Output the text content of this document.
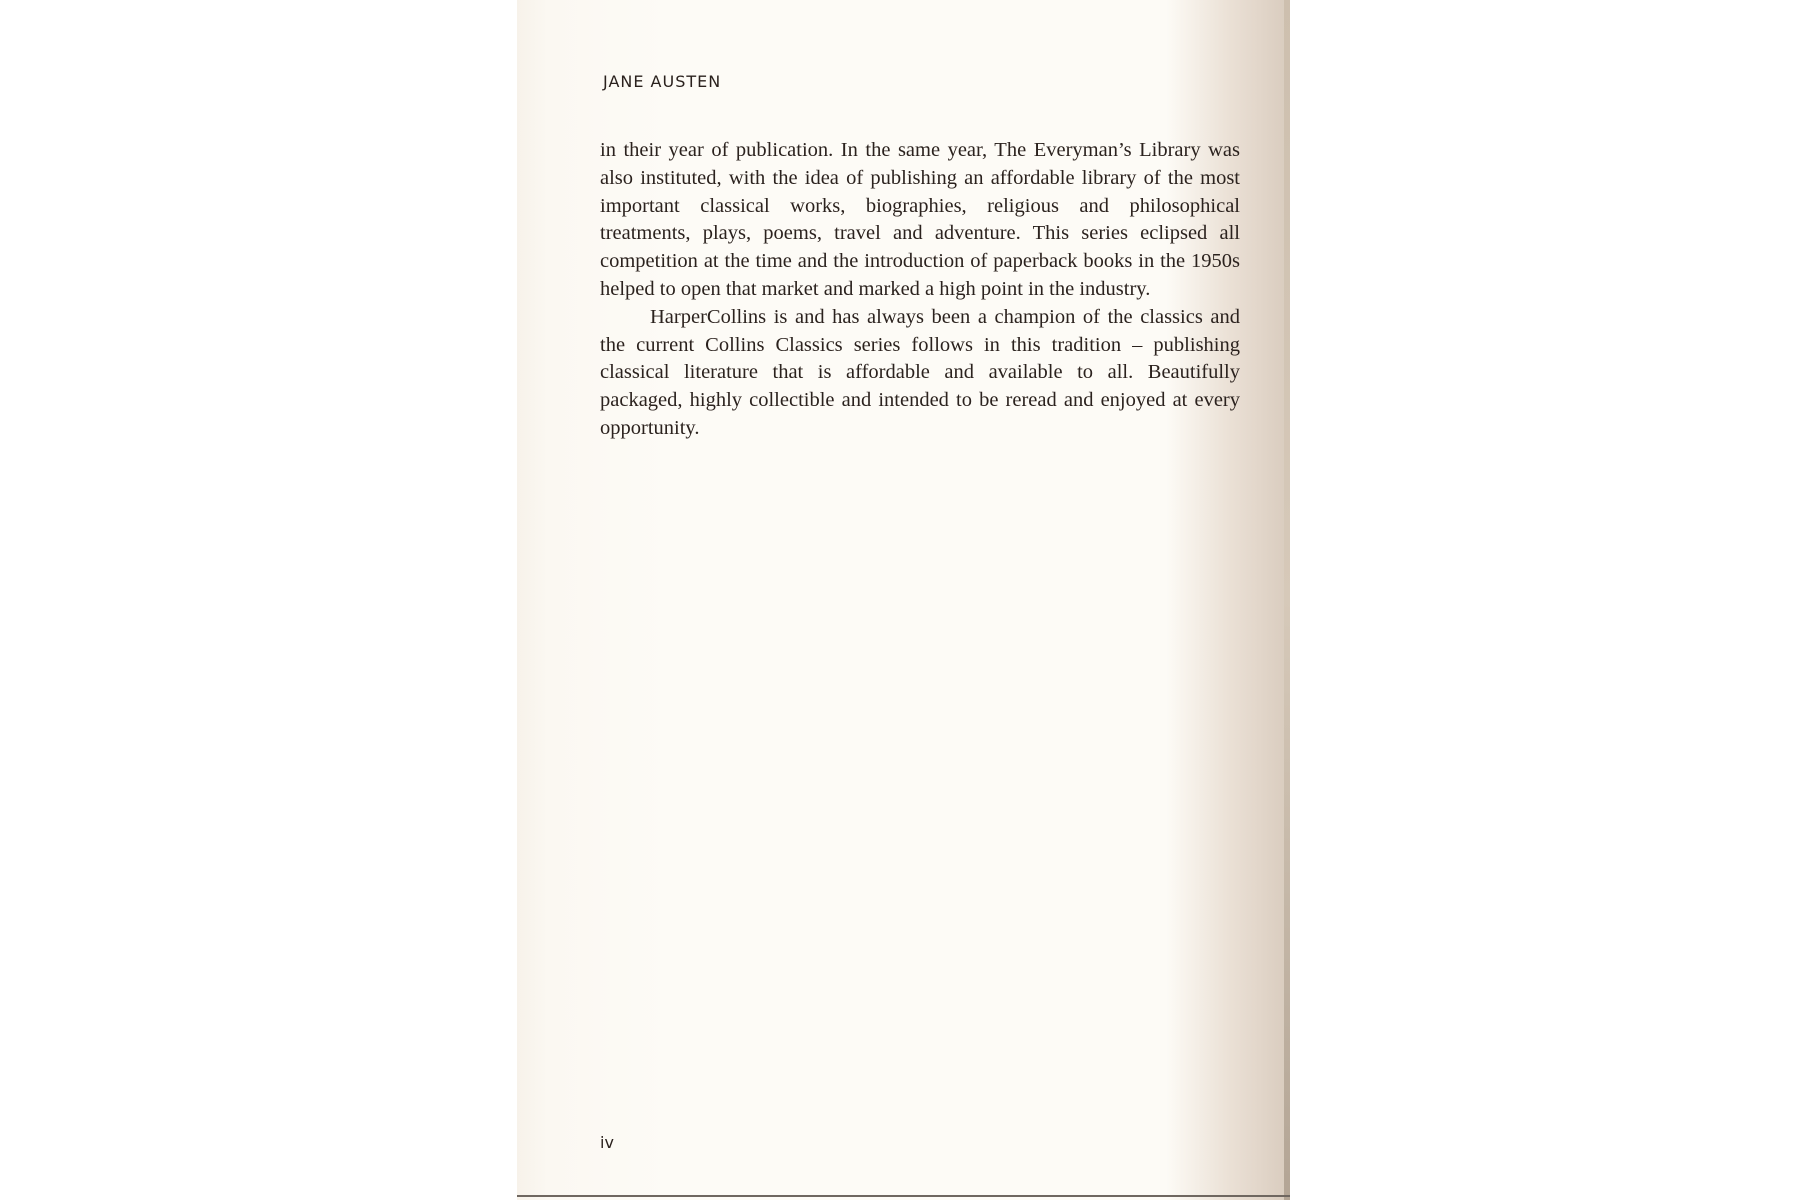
JANE AUSTEN

in their year of publication. In the same year, The Everyman’s Library was also instituted, with the idea of publishing an affordable library of the most important classical works, biographies, religious and philosophical treatments, plays, poems, travel and adventure. This series eclipsed all competition at the time and the introduction of paperback books in the 1950s helped to open that market and marked a high point in the industry.

HarperCollins is and has always been a champion of the classics and the current Collins Classics series follows in this tradition – publishing classical literature that is affordable and available to all. Beautifully packaged, highly collectible and intended to be reread and enjoyed at every opportunity.

iv
